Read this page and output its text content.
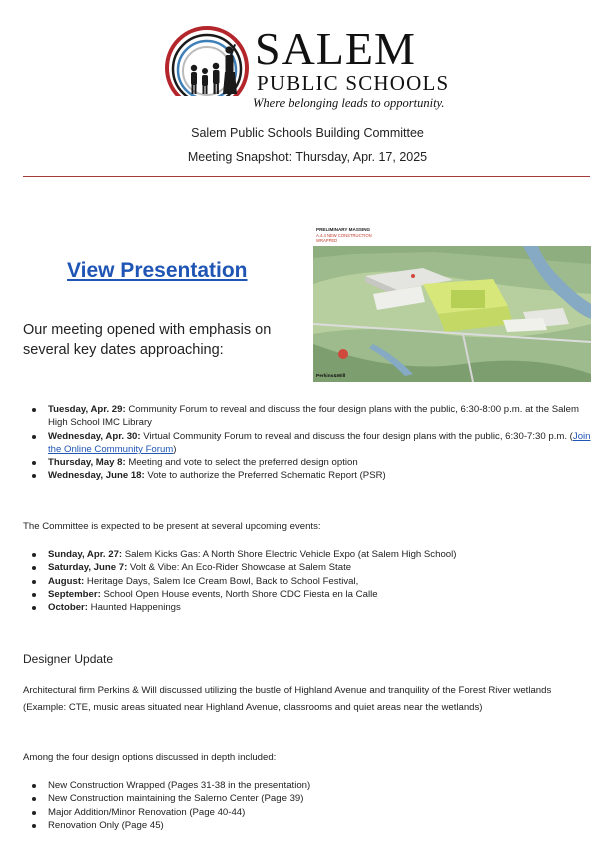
SALEM
PUBLIC SCHOOLS
Where belonging leads to opportunity.
Salem Public Schools Building Committee
Meeting Snapshot: Thursday, Apr. 17, 2025
View Presentation
Our meeting opened with emphasis on several key dates approaching:
PRELIMINARY MASSING
A.4.4 NEW CONSTRUCTION WRAPPED
Perkins&Will
Tuesday, Apr. 29: Community Forum to reveal and discuss the four design plans with the public, 6:30-8:00 p.m. at the Salem High School IMC Library
Wednesday, Apr. 30: Virtual Community Forum to reveal and discuss the four design plans with the public, 6:30-7:30 p.m. (Join the Online Community Forum)
Thursday, May 8: Meeting and vote to select the preferred design option
Wednesday, June 18: Vote to authorize the Preferred Schematic Report (PSR)
The Committee is expected to be present at several upcoming events:
Sunday, Apr. 27: Salem Kicks Gas: A North Shore Electric Vehicle Expo (at Salem High School)
Saturday, June 7: Volt & Vibe: An Eco-Rider Showcase at Salem State
August: Heritage Days, Salem Ice Cream Bowl, Back to School Festival,
September: School Open House events, North Shore CDC Fiesta en la Calle
October: Haunted Happenings
Designer Update
Architectural firm Perkins & Will discussed utilizing the bustle of Highland Avenue and tranquility of the Forest River wetlands (Example: CTE, music areas situated near Highland Avenue, classrooms and quiet areas near the wetlands)
Among the four design options discussed in depth included:
New Construction Wrapped (Pages 31-38 in the presentation)
New Construction maintaining the Salerno Center (Page 39)
Major Addition/Minor Renovation (Page 40-44)
Renovation Only (Page 45)
